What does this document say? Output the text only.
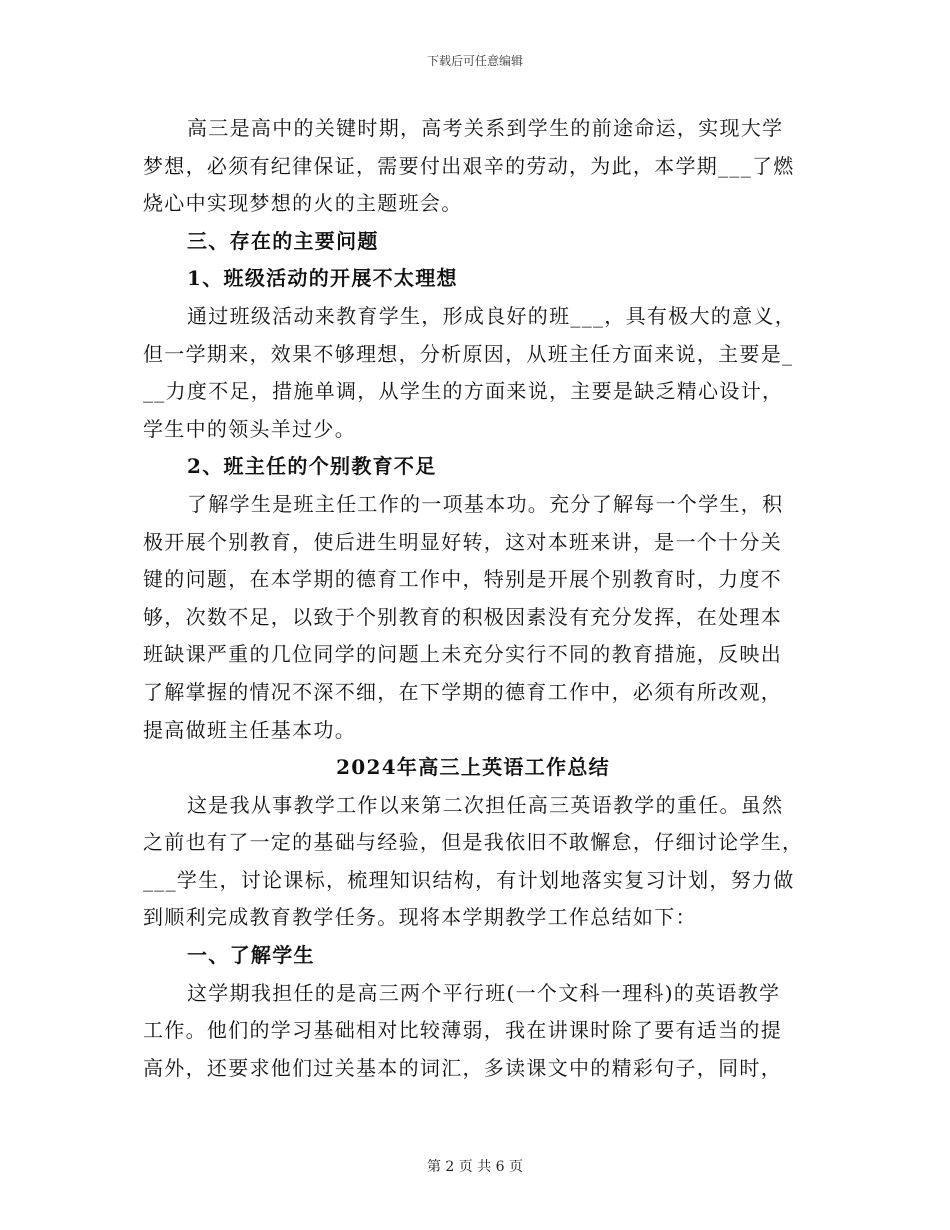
下载后可任意编辑
高三是高中的关键时期，高考关系到学生的前途命运，实现大学
梦想，必须有纪律保证，需要付出艰辛的劳动，为此，本学期___了燃
烧心中实现梦想的火的主题班会。
三、存在的主要问题
1、班级活动的开展不太理想
通过班级活动来教育学生，形成良好的班___，具有极大的意义，
但一学期来，效果不够理想，分析原因，从班主任方面来说，主要是_
__力度不足，措施单调，从学生的方面来说，主要是缺乏精心设计，
学生中的领头羊过少。
2、班主任的个别教育不足
了解学生是班主任工作的一项基本功。充分了解每一个学生，积
极开展个别教育，使后进生明显好转，这对本班来讲，是一个十分关
键的问题，在本学期的德育工作中，特别是开展个别教育时，力度不
够，次数不足，以致于个别教育的积极因素没有充分发挥，在处理本
班缺课严重的几位同学的问题上未充分实行不同的教育措施，反映出
了解掌握的情况不深不细，在下学期的德育工作中，必须有所改观，
提高做班主任基本功。
2024年高三上英语工作总结
这是我从事教学工作以来第二次担任高三英语教学的重任。虽然
之前也有了一定的基础与经验，但是我依旧不敢懈怠，仔细讨论学生，
___学生，讨论课标，梳理知识结构，有计划地落实复习计划，努力做
到顺利完成教育教学任务。现将本学期教学工作总结如下：
一、了解学生
这学期我担任的是高三两个平行班(一个文科一理科)的英语教学
工作。他们的学习基础相对比较薄弱，我在讲课时除了要有适当的提
高外，还要求他们过关基本的词汇，多读课文中的精彩句子，同时，
第 2 页 共 6 页
